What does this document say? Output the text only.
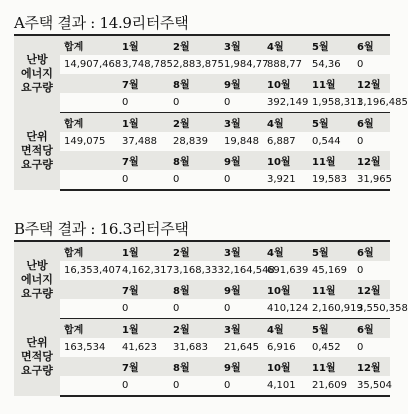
A주택 결과 : 14.9리터주택
난방
에너지
요구량	합계	1월	2월	3월	4월	5월	6월
	14,907,468	3,748,785	2,883,875	1,984,77	888,77	54,36	0
		7월	8월	9월	10월	11월	12월
		0	0	0	392,149	1,958,311	3,196,485
단위
면적당
요구량	합계	1월	2월	3월	4월	5월	6월
	149,075	37,488	28,839	19,848	6,887	0,544	0
		7월	8월	9월	10월	11월	12월
		0	0	0	3,921	19,583	31,965
B주택 결과 : 16.3리터주택
난방
에너지
요구량	합계	1월	2월	3월	4월	5월	6월
	16,353,407	4,162,317	3,168,333	2,164,548	691,639	45,169	0
		7월	8월	9월	10월	11월	12월
		0	0	0	410,124	2,160,919	3,550,358
단위
면적당
요구량	합계	1월	2월	3월	4월	5월	6월
	163,534	41,623	31,683	21,645	6,916	0,452	0
		7월	8월	9월	10월	11월	12월
		0	0	0	4,101	21,609	35,504
